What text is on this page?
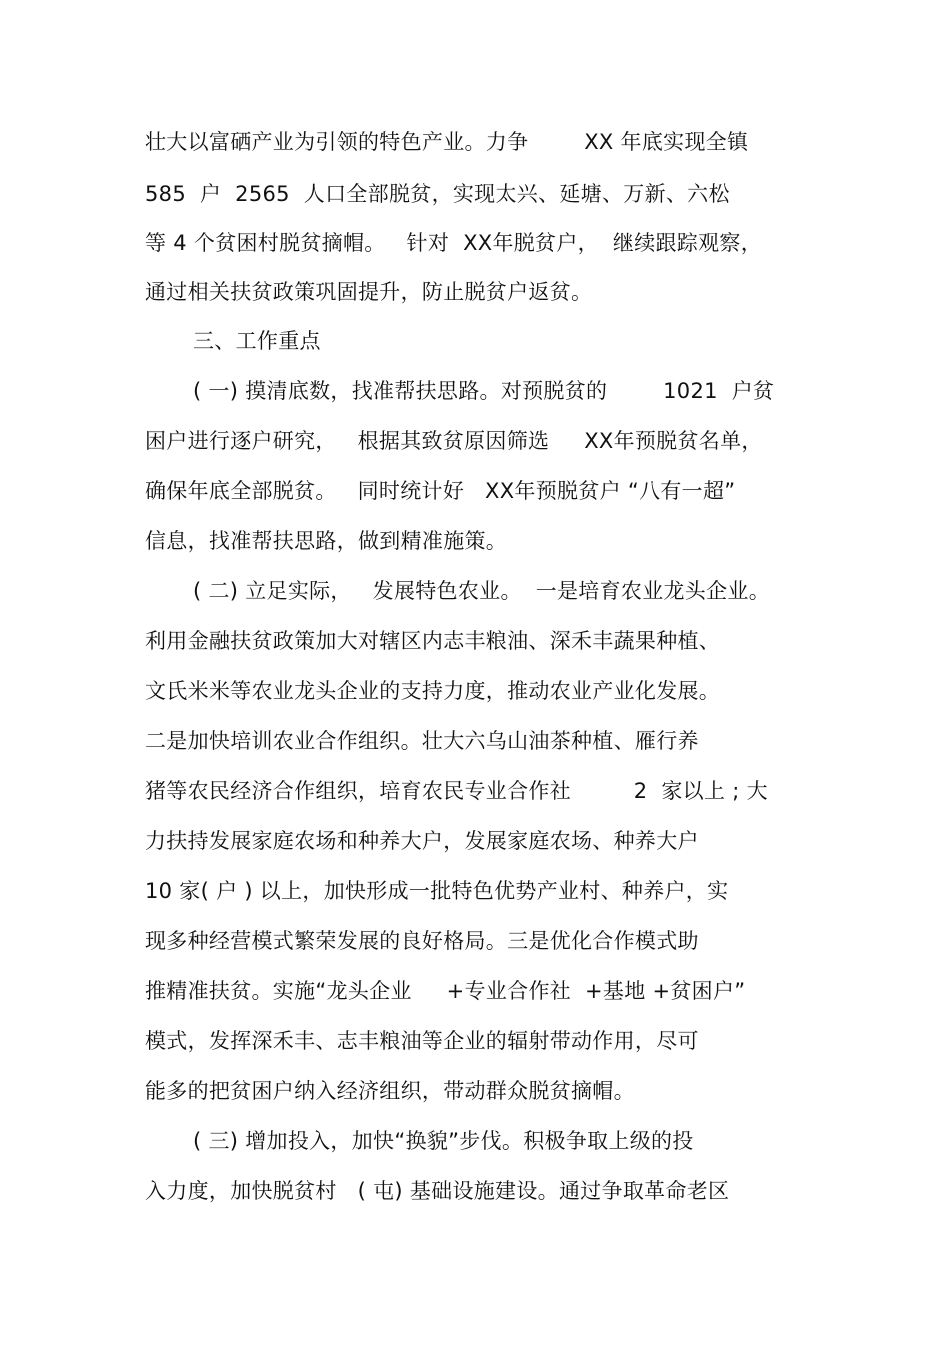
壮大以富硒产业为引领的特色产业。力争        XX 年底实现全镇
585  户  2565  人口全部脱贫，实现太兴、延塘、万新、六松
等 4 个贫困村脱贫摘帽。   针对  XX年脱贫户，  继续跟踪观察，
通过相关扶贫政策巩固提升，防止脱贫户返贫。
三、工作重点
( 一) 摸清底数，找准帮扶思路。对预脱贫的        1021  户贫
困户进行逐户研究，   根据其致贫原因筛选     XX年预脱贫名单，
确保年底全部脱贫。   同时统计好   XX年预脱贫户 “八有一超”
信息，找准帮扶思路，做到精准施策。
( 二) 立足实际，   发展特色农业。  一是培育农业龙头企业。
利用金融扶贫政策加大对辖区内志丰粮油、深禾丰蔬果种植、
文氏米米等农业龙头企业的支持力度，推动农业产业化发展。
二是加快培训农业合作组织。壮大六乌山油茶种植、雁行养
猪等农民经济合作组织，培育农民专业合作社         2  家以上 ; 大
力扶持发展家庭农场和种养大户，发展家庭农场、种养大户
10 家( 户 ) 以上，加快形成一批特色优势产业村、种养户，实
现多种经营模式繁荣发展的良好格局。三是优化合作模式助
推精准扶贫。实施“龙头企业     +专业合作社  +基地 +贫困户”
模式，发挥深禾丰、志丰粮油等企业的辐射带动作用，尽可
能多的把贫困户纳入经济组织，带动群众脱贫摘帽。
( 三) 增加投入，加快“换貌”步伐。积极争取上级的投
入力度，加快脱贫村   ( 屯) 基础设施建设。通过争取革命老区
